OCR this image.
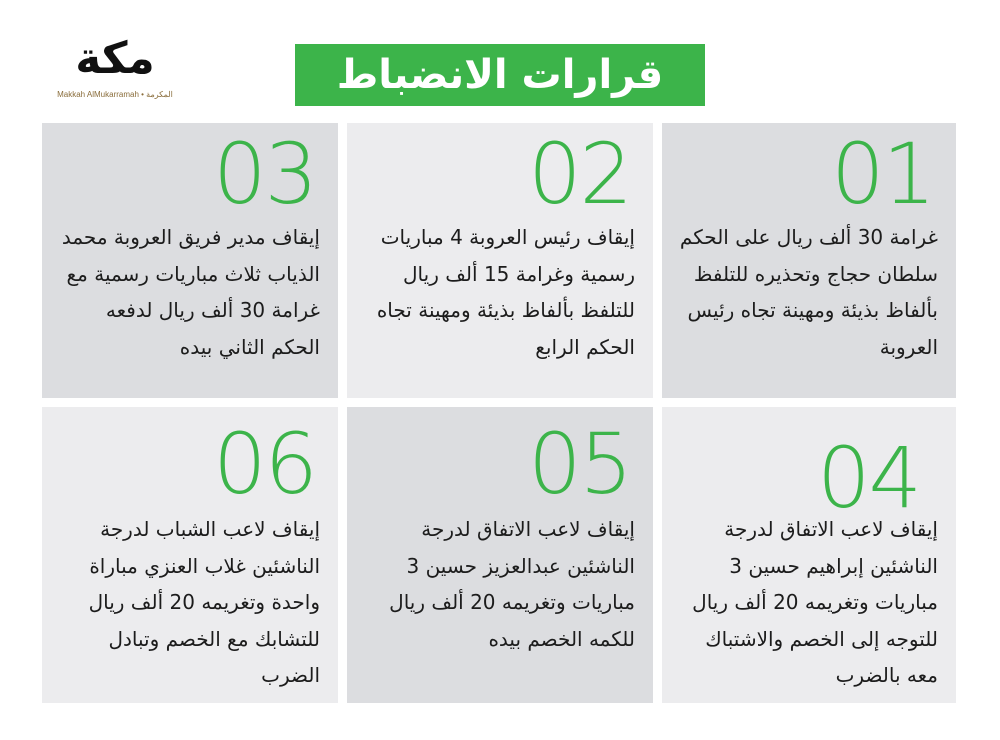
مكة
Makkah AlMukarramah • المكرمة	قرارات الانضباط
01
غرامة 30 ألف ريال على الحكم سلطان حجاج وتحذيره للتلفظ بألفاظ بذيئة ومهينة تجاه رئيس العروبة
02
إيقاف رئيس العروبة 4 مباريات رسمية وغرامة 15 ألف ريال للتلفظ بألفاظ بذيئة ومهينة تجاه الحكم الرابع
03
إيقاف مدير فريق العروبة محمد الذياب ثلاث مباريات رسمية مع غرامة 30 ألف ريال لدفعه الحكم الثاني بيده
04
إيقاف لاعب الاتفاق لدرجة الناشئين إبراهيم حسين 3 مباريات وتغريمه 20 ألف ريال للتوجه إلى الخصم والاشتباك معه بالضرب
05
إيقاف لاعب الاتفاق لدرجة الناشئين عبدالعزيز حسين 3 مباريات وتغريمه 20 ألف ريال للكمه الخصم بيده
06
إيقاف لاعب الشباب لدرجة الناشئين غلاب العنزي مباراة واحدة وتغريمه 20 ألف ريال للتشابك مع الخصم وتبادل الضرب
